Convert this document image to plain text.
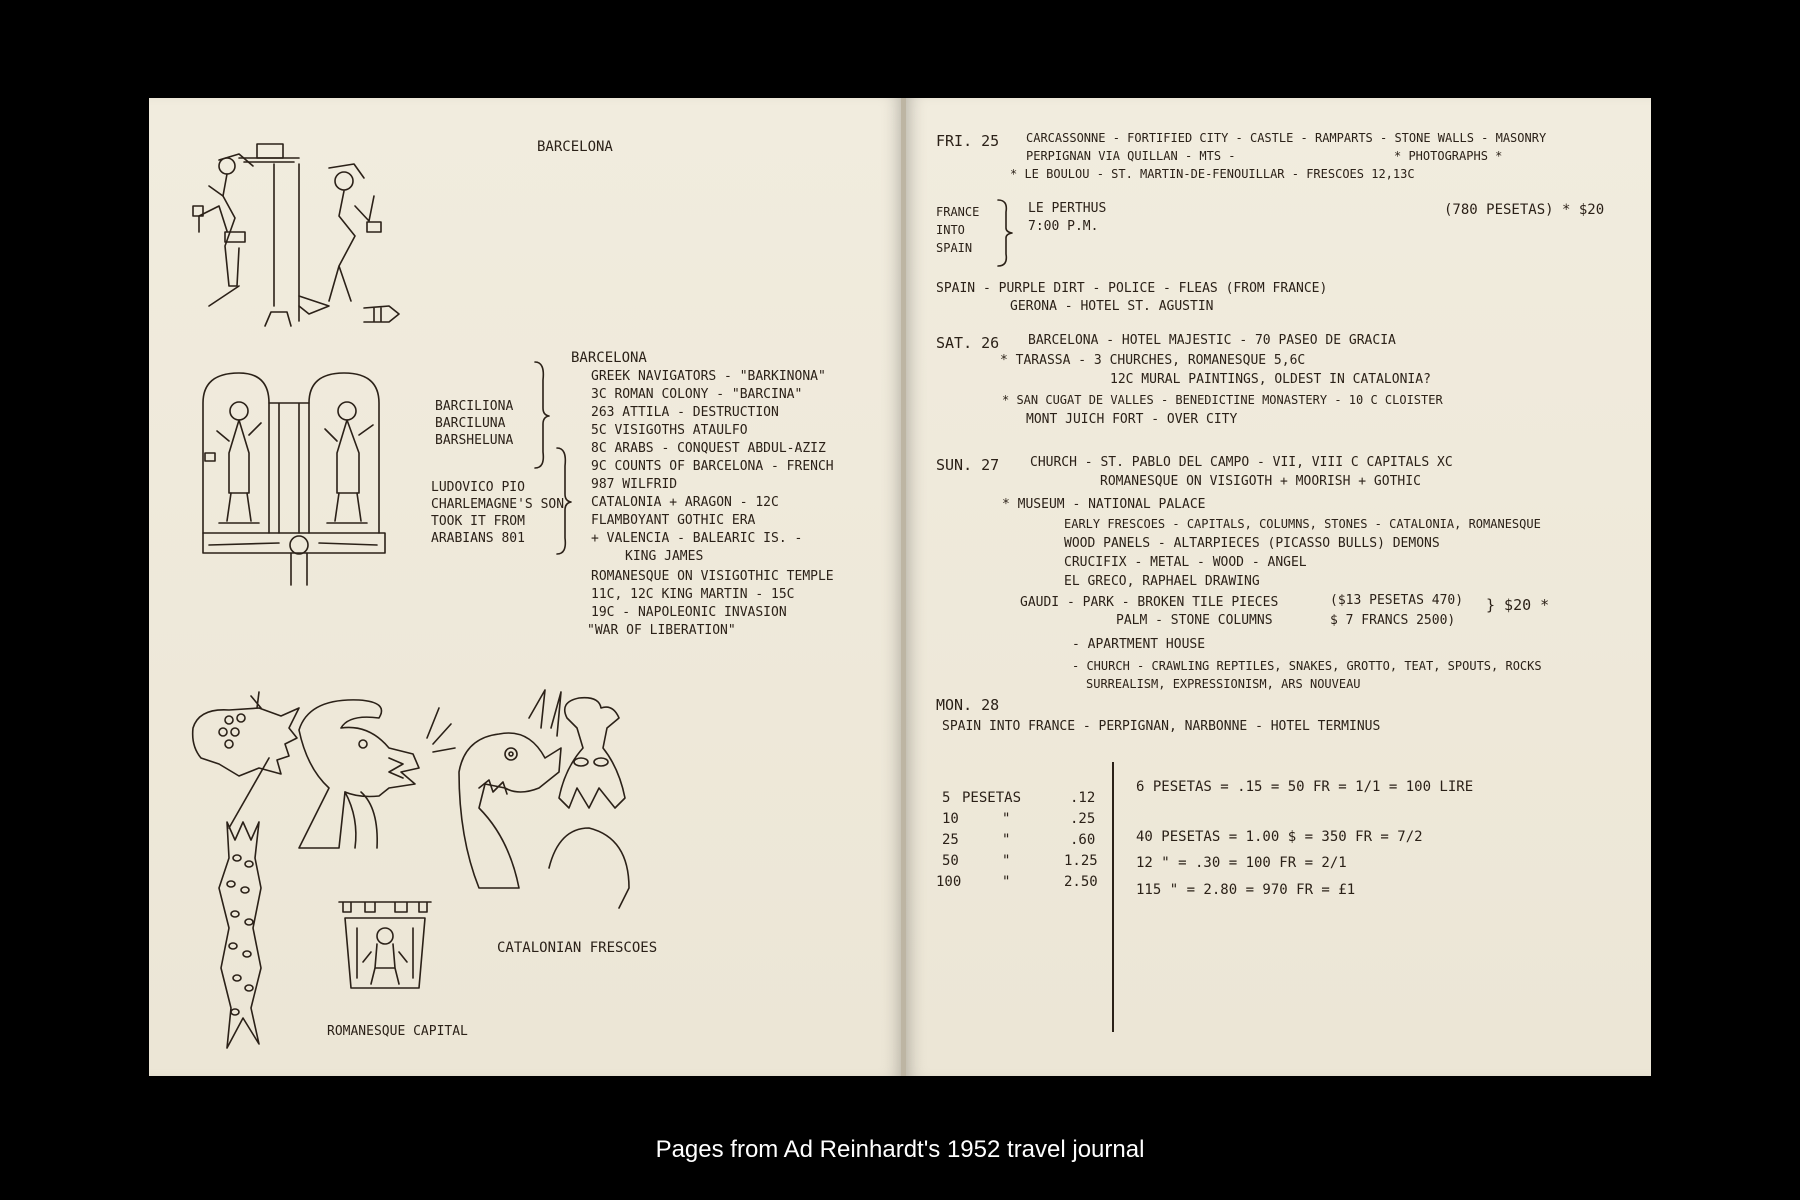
BARCELONA
BARCILIONA
BARCILUNA
BARSHELUNA
LUDOVICO PIO
CHARLEMAGNE'S SON
TOOK IT FROM
ARABIANS 801
BARCELONA
GREEK NAVIGATORS - "BARKINONA"
3C ROMAN COLONY - "BARCINA"
263 ATTILA - DESTRUCTION
5C VISIGOTHS ATAULFO
8C ARABS - CONQUEST ABDUL-AZIZ
9C COUNTS OF BARCELONA - FRENCH
987 WILFRID
CATALONIA + ARAGON - 12C
FLAMBOYANT GOTHIC ERA
+ VALENCIA - BALEARIC IS. -
KING JAMES
ROMANESQUE ON VISIGOTHIC TEMPLE
11C, 12C KING MARTIN - 15C
19C - NAPOLEONIC INVASION
"WAR OF LIBERATION"
CATALONIAN FRESCOES
ROMANESQUE CAPITAL
FRI. 25 CARCASSONNE - FORTIFIED CITY - CASTLE - RAMPARTS - STONE WALLS - MASONRY
PERPIGNAN VIA QUILLAN - MTS -	* PHOTOGRAPHS *
* LE BOULOU - ST. MARTIN-DE-FENOUILLAR - FRESCOES 12,13C
FRANCE
INTO
SPAIN
LE PERTHUS
7:00 P.M.
(780 PESETAS) * $20
SPAIN - PURPLE DIRT - POLICE - FLEAS (FROM FRANCE)
GERONA - HOTEL ST. AGUSTIN
SAT. 26 BARCELONA - HOTEL MAJESTIC - 70 PASEO DE GRACIA
* TARASSA - 3 CHURCHES, ROMANESQUE 5,6C
12C MURAL PAINTINGS, OLDEST IN CATALONIA?
* SAN CUGAT DE VALLES - BENEDICTINE MONASTERY - 10 C CLOISTER
MONT JUICH FORT - OVER CITY
SUN. 27 CHURCH - ST. PABLO DEL CAMPO - VII, VIII C CAPITALS XC
ROMANESQUE ON VISIGOTH + MOORISH + GOTHIC
* MUSEUM - NATIONAL PALACE
EARLY FRESCOES - CAPITALS, COLUMNS, STONES - CATALONIA, ROMANESQUE
WOOD PANELS - ALTARPIECES (PICASSO BULLS) DEMONS
CRUCIFIX - METAL - WOOD - ANGEL
EL GRECO, RAPHAEL DRAWING
GAUDI - PARK - BROKEN TILE PIECES
PALM - STONE COLUMNS
($13 PESETAS 470)
$ 7 FRANCS 2500)
} $20 *
- APARTMENT HOUSE
- CHURCH - CRAWLING REPTILES, SNAKES, GROTTO, TEAT, SPOUTS, ROCKS
SURREALISM, EXPRESSIONISM, ARS NOUVEAU
MON. 28
SPAIN INTO FRANCE - PERPIGNAN, NARBONNE - HOTEL TERMINUS
5 PESETAS	.12
10	"	.25
25	"	.60
50	"	1.25
100	"	2.50
6 PESETAS = .15 = 50 FR = 1/1 = 100 LIRE
40 PESETAS = 1.00 $ = 350 FR = 7/2
12 " = .30 = 100 FR = 2/1
115 " = 2.80 = 970 FR = £1
Pages from Ad Reinhardt's 1952 travel journal
